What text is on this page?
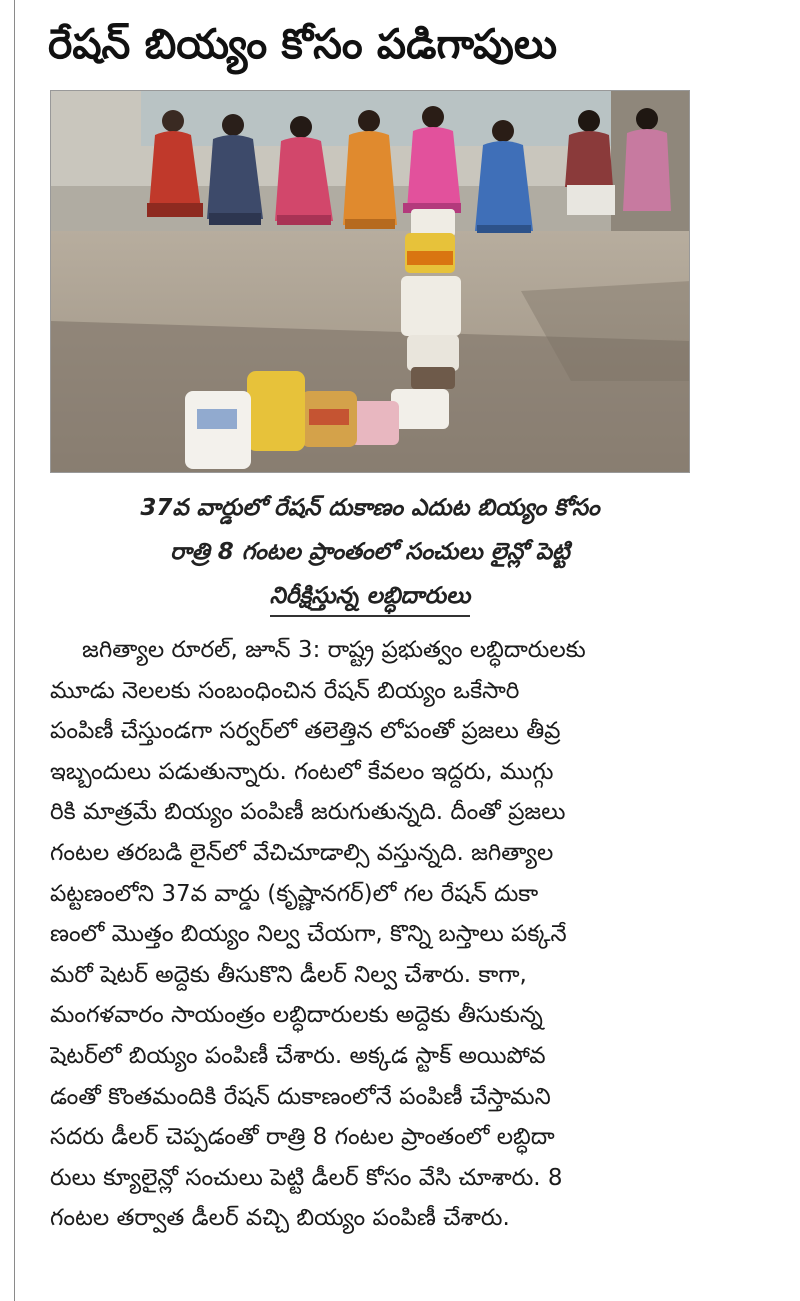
రేషన్ బియ్యం కోసం పడిగాపులు

37వ వార్డులో రేషన్ దుకాణం ఎదుట బియ్యం కోసం
రాత్రి 8 గంటల ప్రాంతంలో సంచులు లైన్లో పెట్టి
నిరీక్షిస్తున్న లబ్ధిదారులు

జగిత్యాల రూరల్, జూన్ 3: రాష్ట్ర ప్రభుత్వం లబ్ధిదారులకు
మూడు నెలలకు సంబంధించిన రేషన్ బియ్యం ఒకేసారి
పంపిణీ చేస్తుండగా సర్వర్‌లో తలెత్తిన లోపంతో ప్రజలు తీవ్ర
ఇబ్బందులు పడుతున్నారు. గంటలో కేవలం ఇద్దరు, ముగ్గు
రికి మాత్రమే బియ్యం పంపిణీ జరుగుతున్నది. దీంతో ప్రజలు
గంటల తరబడి లైన్‌లో వేచిచూడాల్సి వస్తున్నది. జగిత్యాల
పట్టణంలోని 37వ వార్డు (కృష్ణానగర్)లో గల రేషన్ దుకా
ణంలో మొత్తం బియ్యం నిల్వ చేయగా, కొన్ని బస్తాలు పక్కనే
మరో షెటర్ అద్దెకు తీసుకొని డీలర్ నిల్వ చేశారు. కాగా,
మంగళవారం సాయంత్రం లబ్ధిదారులకు అద్దెకు తీసుకున్న
షెటర్‌లో బియ్యం పంపిణీ చేశారు. అక్కడ స్టాక్ అయిపోవ
డంతో కొంతమందికి రేషన్ దుకాణంలోనే పంపిణీ చేస్తామని
సదరు డీలర్ చెప్పడంతో రాత్రి 8 గంటల ప్రాంతంలో లబ్ధిదా
రులు క్యూలైన్లో సంచులు పెట్టి డీలర్ కోసం వేసి చూశారు. 8
గంటల తర్వాత డీలర్ వచ్చి బియ్యం పంపిణీ చేశారు.
